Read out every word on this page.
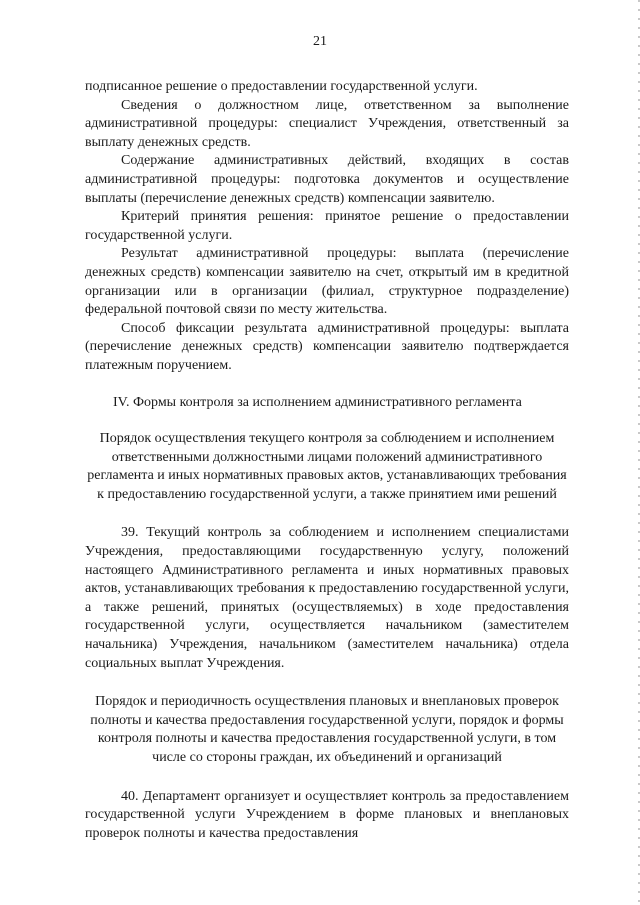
21

подписанное решение о предоставлении государственной услуги.

Сведения о должностном лице, ответственном за выполнение административной процедуры: специалист Учреждения, ответственный за выплату денежных средств.

Содержание административных действий, входящих в состав административной процедуры: подготовка документов и осуществление выплаты (перечисление денежных средств) компенсации заявителю.

Критерий принятия решения: принятое решение о предоставлении государственной услуги.

Результат административной процедуры: выплата (перечисление денежных средств) компенсации заявителю на счет, открытый им в кредитной организации или в организации (филиал, структурное подразделение) федеральной почтовой связи по месту жительства.

Способ фиксации результата административной процедуры: выплата (перечисление денежных средств) компенсации заявителю подтверждается платежным поручением.

IV. Формы контроля за исполнением административного регламента

Порядок осуществления текущего контроля за соблюдением и исполнением ответственными должностными лицами положений административного регламента и иных нормативных правовых актов, устанавливающих требования к предоставлению государственной услуги, а также принятием ими решений

39. Текущий контроль за соблюдением и исполнением специалистами Учреждения, предоставляющими государственную услугу, положений настоящего Административного регламента и иных нормативных правовых актов, устанавливающих требования к предоставлению государственной услуги, а также решений, принятых (осуществляемых) в ходе предоставления государственной услуги, осуществляется начальником (заместителем начальника) Учреждения, начальником (заместителем начальника) отдела социальных выплат Учреждения.

Порядок и периодичность осуществления плановых и внеплановых проверок полноты и качества предоставления государственной услуги, порядок и формы контроля полноты и качества предоставления государственной услуги, в том числе со стороны граждан, их объединений и организаций

40. Департамент организует и осуществляет контроль за предоставлением государственной услуги Учреждением в форме плановых и внеплановых проверок полноты и качества предоставления
